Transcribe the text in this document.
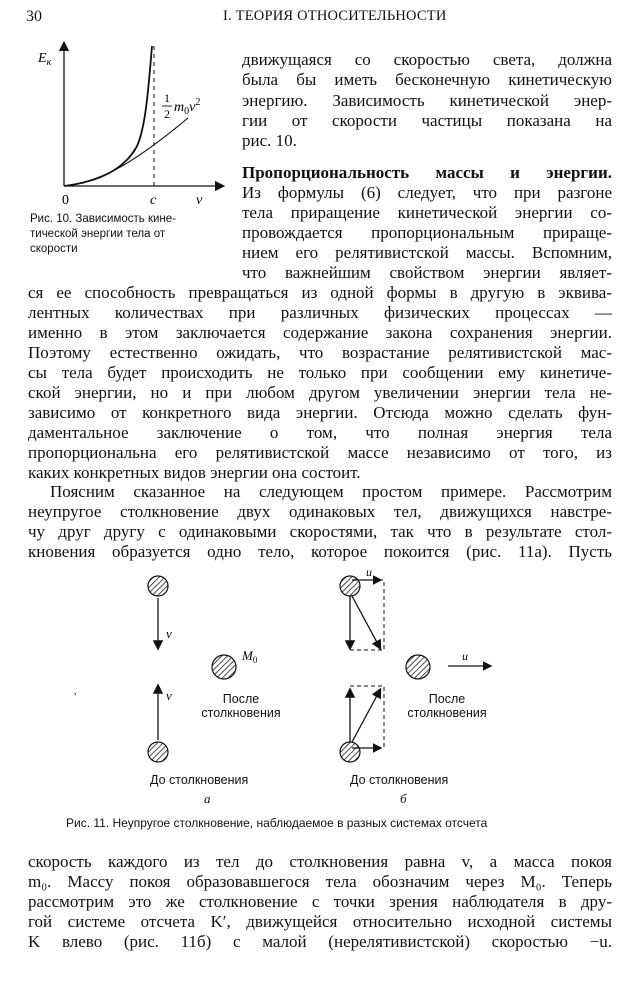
30	I. ТЕОРИЯ ОТНОСИТЕЛЬНОСТИ
$E_к$
1
2 $m_0v^2$
0	c	v
Рис. 10. Зависимость кине-
тической энергии тела от
скорости
движущаяся со скоростью света, должна
была бы иметь бесконечную кинетическую
энергию. Зависимость кинетической энер-
гии от скорости частицы показана на
рис. 10.
Пропорциональность массы и энергии.
Из формулы (6) следует, что при разгоне
тела приращение кинетической энергии со-
провождается пропорциональным прираще-
нием его релятивистской массы. Вспомним,
что важнейшим свойством энергии являет-
ся ее способность превращаться из одной формы в другую в эквива-
лентных количествах при различных физических процессах —
именно в этом заключается содержание закона сохранения энергии.
Поэтому естественно ожидать, что возрастание релятивистской мас-
сы тела будет происходить не только при сообщении ему кинетиче-
ской энергии, но и при любом другом увеличении энергии тела не-
зависимо от конкретного вида энергии. Отсюда можно сделать фун-
даментальное заключение о том, что полная энергия тела
пропорциональна его релятивистской массе независимо от того, из
каких конкретных видов энергии она состоит.
Поясним сказанное на следующем простом примере. Рассмотрим
неупругое столкновение двух одинаковых тел, движущихся навстре-
чу друг другу с одинаковыми скоростями, так что в результате стол-
кновения образуется одно тело, которое покоится (рис. 11а). Пусть
v
$M_0$
v
u
u
,
После
столкновения
После
столкновения
До столкновения	До столкновения
а	б
Рис. 11. Неупругое столкновение, наблюдаемое в разных системах отсчета
скорость каждого из тел до столкновения равна v, а масса покоя
m₀. Массу покоя образовавшегося тела обозначим через M₀. Теперь
рассмотрим это же столкновение с точки зрения наблюдателя в дру-
гой системе отсчета K′, движущейся относительно исходной системы
K влево (рис. 11б) с малой (нерелятивистской) скоростью −u.
